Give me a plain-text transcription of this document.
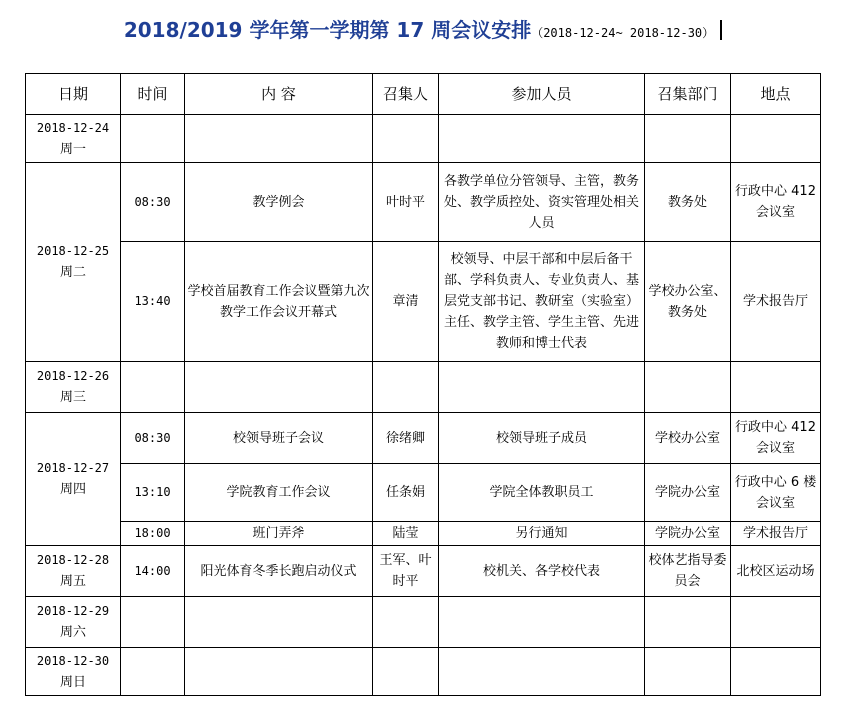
2018/2019 学年第一学期第 17 周会议安排（2018-12-24~ 2018-12-30）
日期	时间	内 容	召集人	参加人员	召集部门	地点

2018-12-24
周一						

2018-12-25
周二	08:30	教学例会	叶时平	各教学单位分管领导、主管，教务处、教学质控处、资实管理处相关人员	教务处	行政中心 412 会议室
	13:40	学校首届教育工作会议暨第九次教学工作会议开幕式	章清	校领导、中层干部和中层后备干部、学科负责人、专业负责人、基层党支部书记、教研室（实验室）主任、教学主管、学生主管、先进教师和博士代表	学校办公室、教务处	学术报告厅

2018-12-26
周三						

2018-12-27
周四	08:30	校领导班子会议	徐绪卿	校领导班子成员	学校办公室	行政中心 412 会议室
	13:10	学院教育工作会议	任条娟	学院全体教职员工	学院办公室	行政中心 6 楼会议室
	18:00	班门弄斧	陆莹	另行通知	学院办公室	学术报告厅

2018-12-28
周五	14:00	阳光体育冬季长跑启动仪式	王军、叶时平	校机关、各学校代表	校体艺指导委员会	北校区运动场

2018-12-29
周六						

2018-12-30
周日						
